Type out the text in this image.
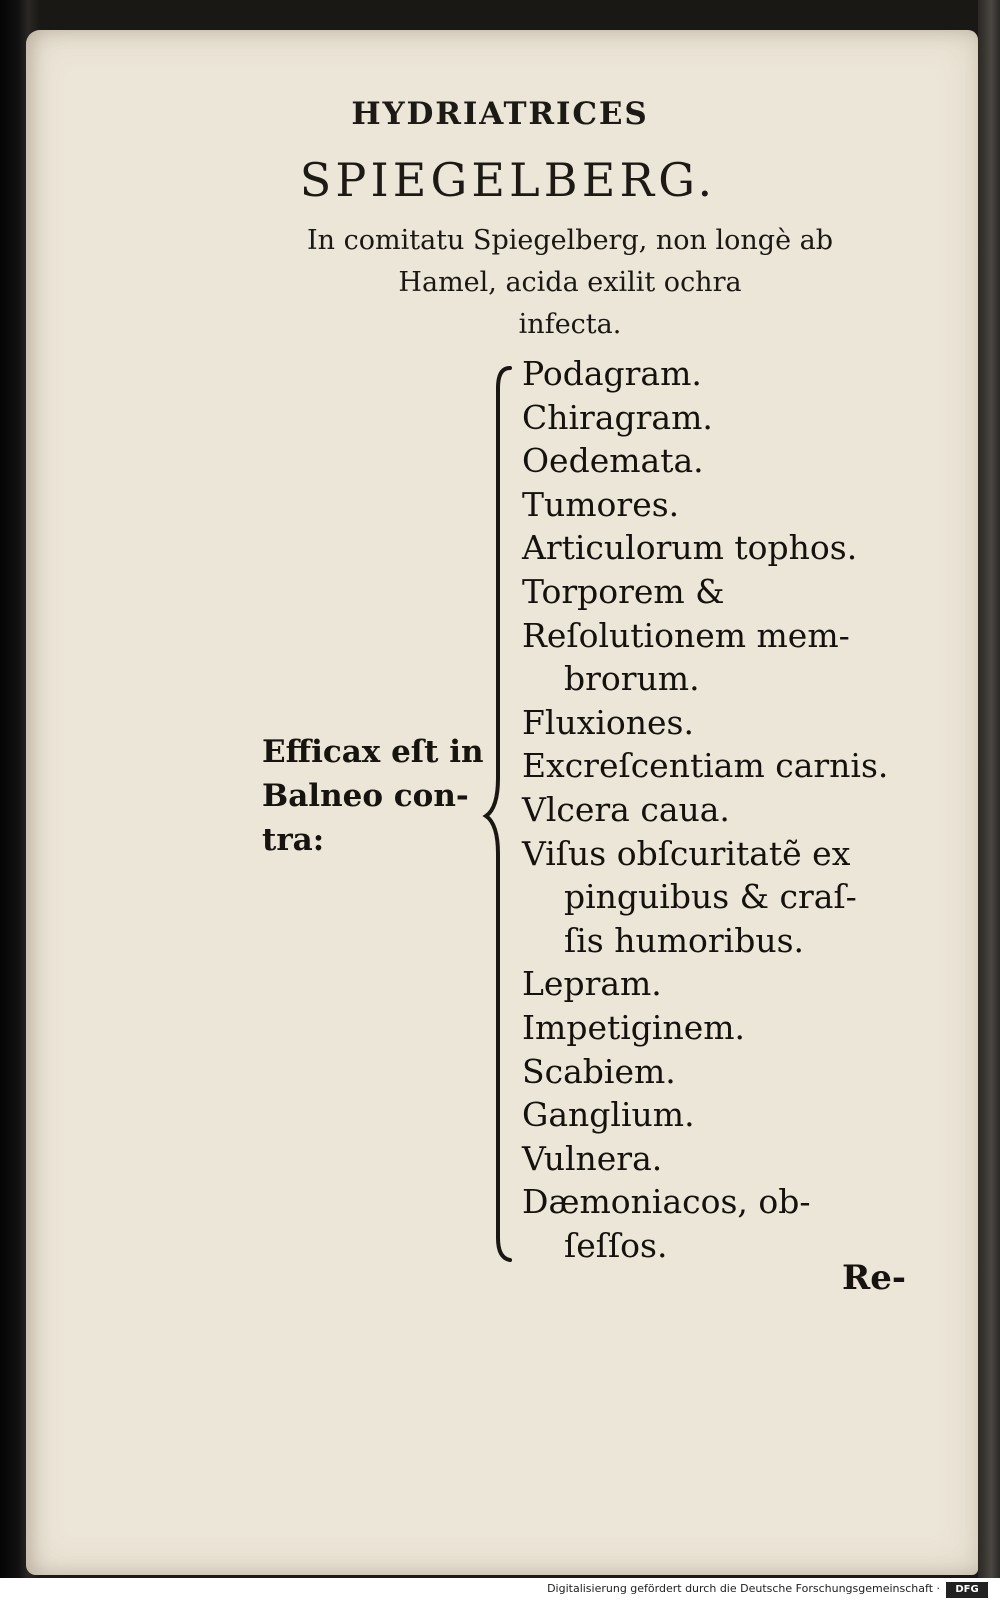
HYDRIATRICES
SPIEGELBERG.
In comitatu Spiegelberg, non longè ab
Hamel, acida exilit ochra
infecta.
Efficax eſt in
Balneo con-
tra:
Podagram.
Chiragram.
Oedemata.
Tumores.
Articulorum tophos.
Torporem &
Reſolutionem mem-
brorum.
Fluxiones.
Excreſcentiam carnis.
Vlcera caua.
Viſus obſcuritatẽ ex
pinguibus & craſ-
ſis humoribus.
Lepram.
Impetiginem.
Scabiem.
Ganglium.
Vulnera.
Dæmoniacos, ob-
ſeſſos.
Re-
Digitalisierung gefördert durch die Deutsche Forschungsgemeinschaft ·	DFG
